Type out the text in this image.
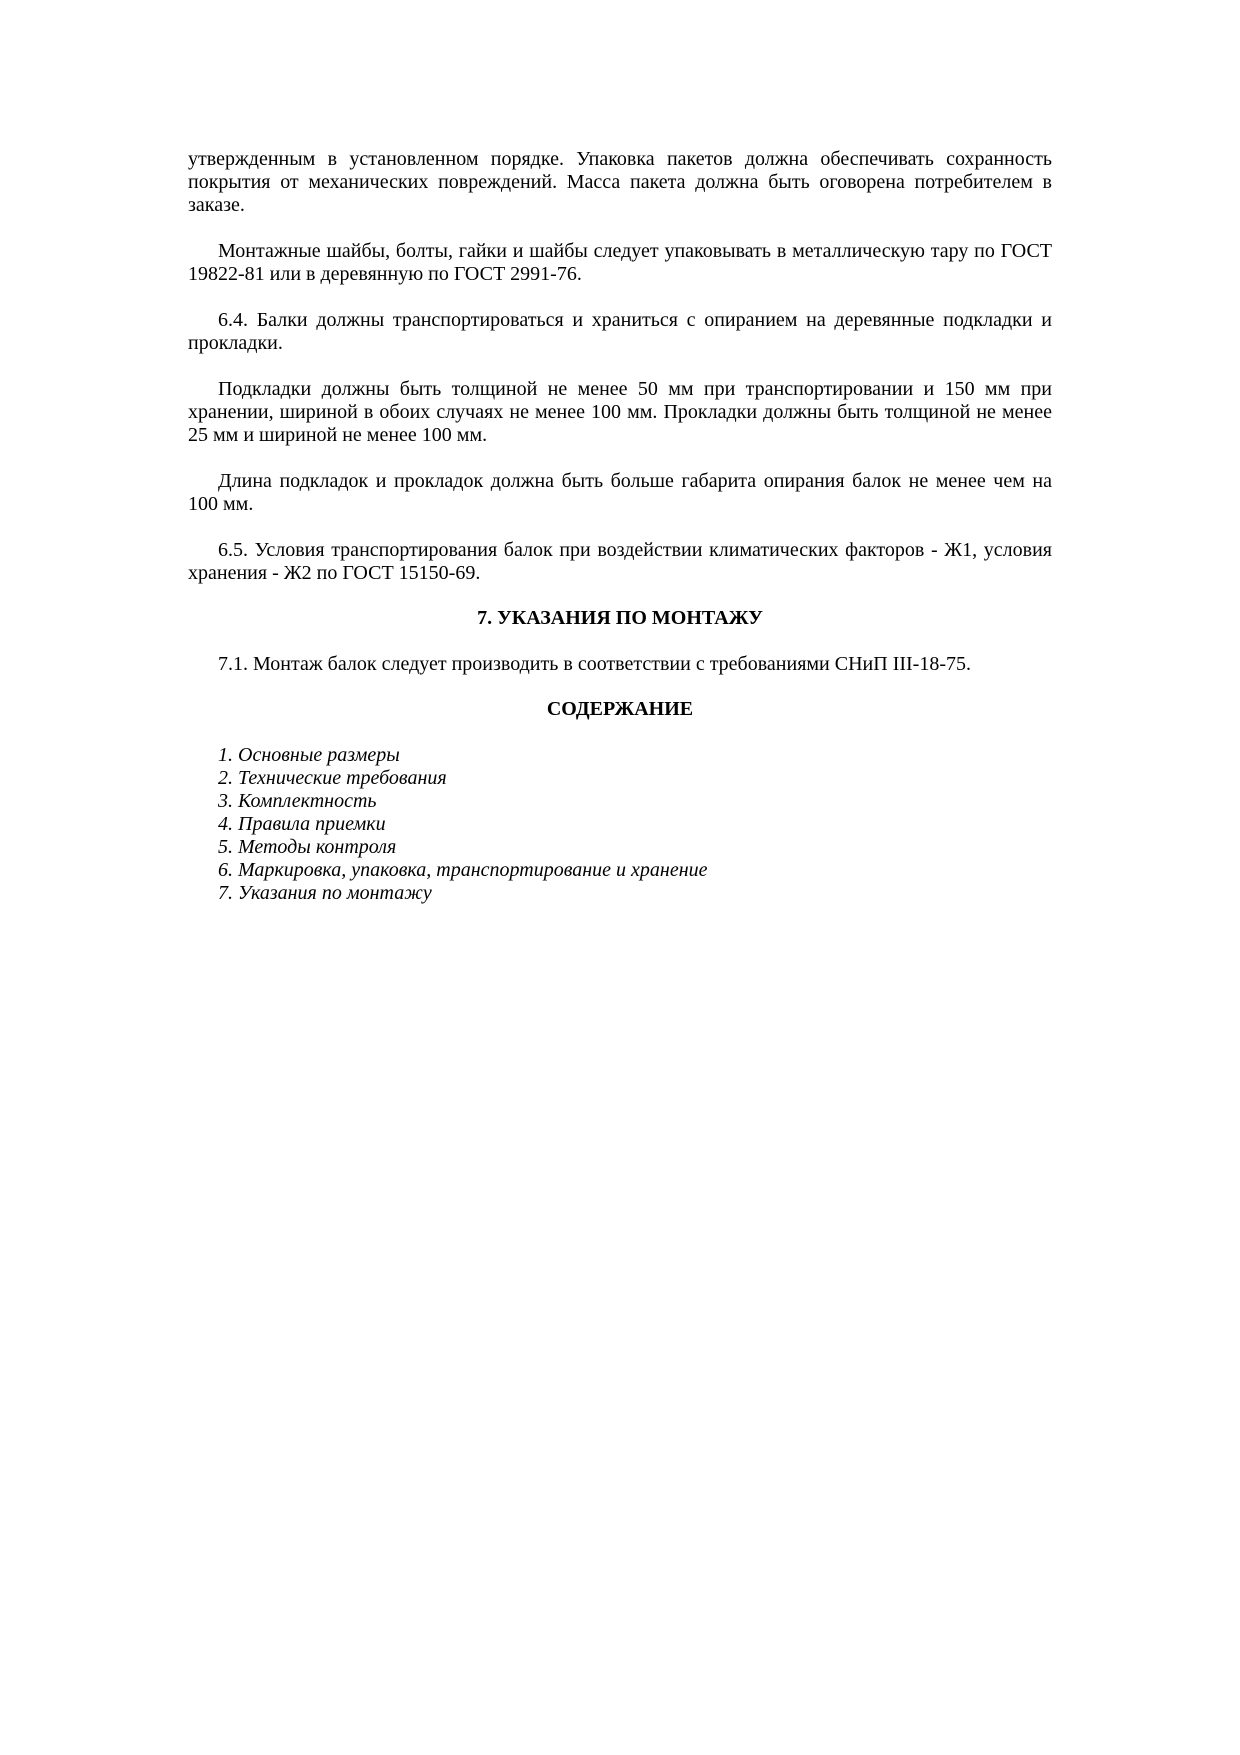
утвержденным в установленном порядке. Упаковка пакетов должна обеспечивать сохранность покрытия от механических повреждений. Масса пакета должна быть оговорена потребителем в заказе.

Монтажные шайбы, болты, гайки и шайбы следует упаковывать в металлическую тару по ГОСТ 19822-81 или в деревянную по ГОСТ 2991-76.

6.4. Балки должны транспортироваться и храниться с опиранием на деревянные подкладки и прокладки.

Подкладки должны быть толщиной не менее 50 мм при транспортировании и 150 мм при хранении, шириной в обоих случаях не менее 100 мм. Прокладки должны быть толщиной не менее 25 мм и шириной не менее 100 мм.

Длина подкладок и прокладок должна быть больше габарита опирания балок не менее чем на 100 мм.

6.5. Условия транспортирования балок при воздействии климатических факторов - Ж1, условия хранения - Ж2 по ГОСТ 15150-69.

7. УКАЗАНИЯ ПО МОНТАЖУ

7.1. Монтаж балок следует производить в соответствии с требованиями СНиП III-18-75.

СОДЕРЖАНИЕ

1. Основные размеры
2. Технические требования
3. Комплектность
4. Правила приемки
5. Методы контроля
6. Маркировка, упаковка, транспортирование и хранение
7. Указания по монтажу
